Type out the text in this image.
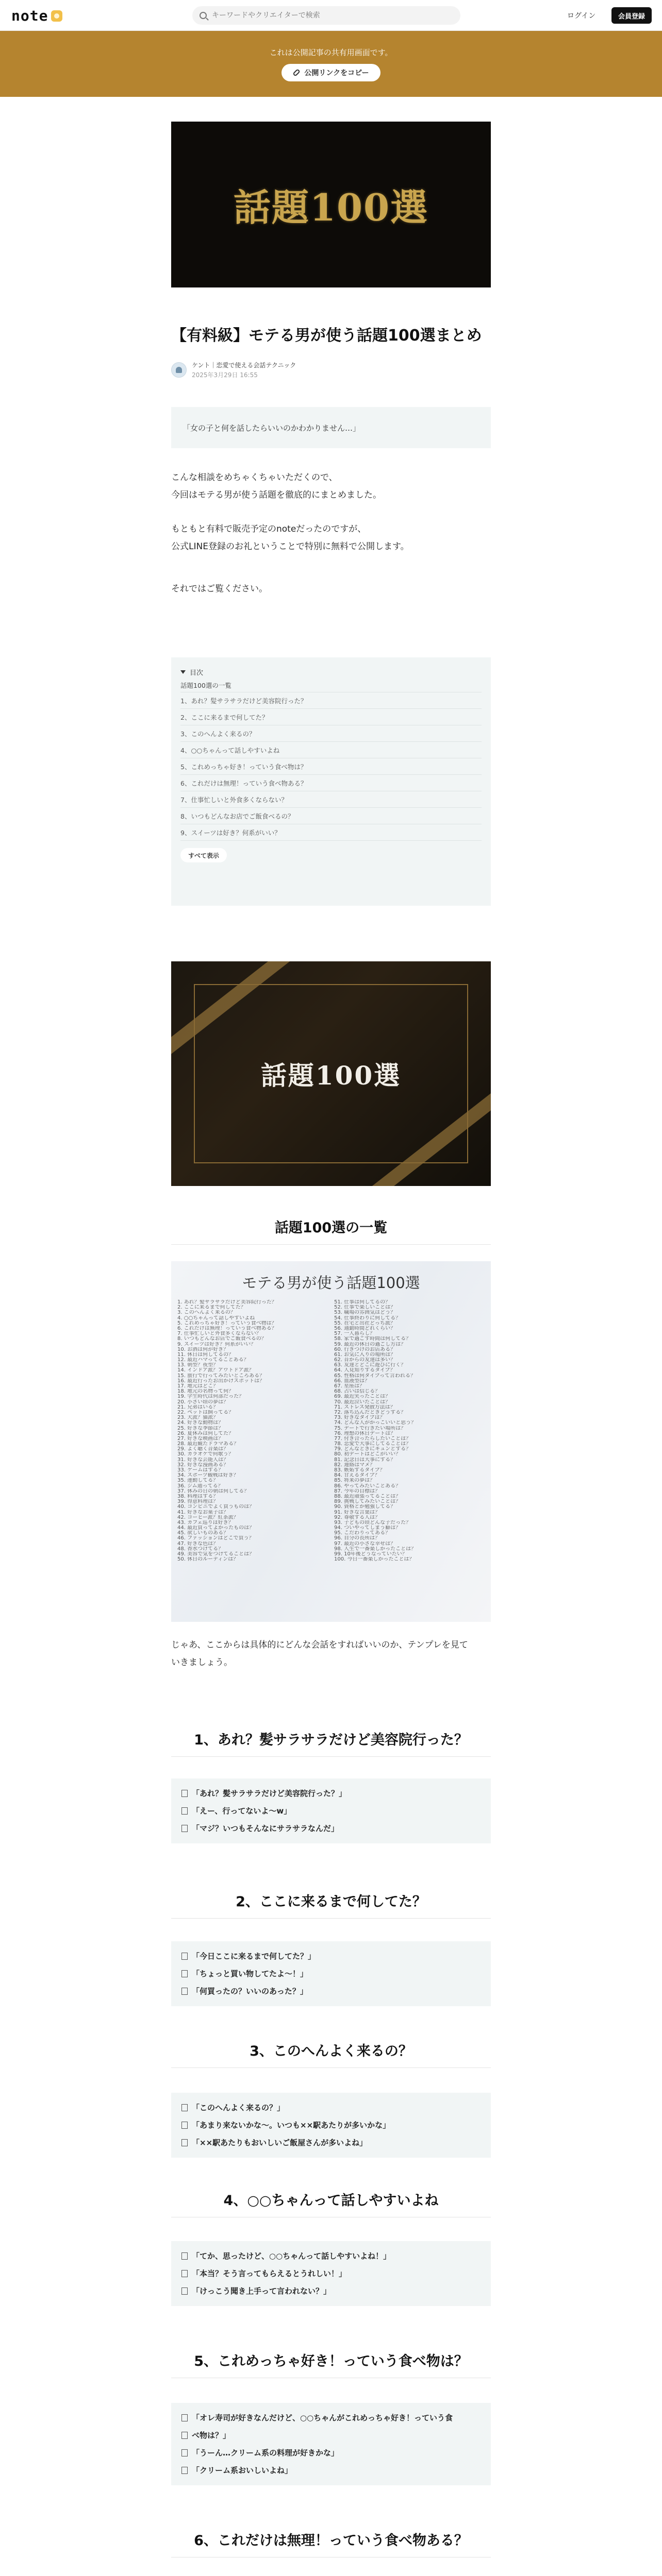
note
キーワードやクリエイターで検索	ログイン	会員登録
これは公開記事の共有用画面です。
公開リンクをコピー
話題100選
【有料級】モテる男が使う話題100選まとめ
ケント｜恋愛で使える会話テクニック
2025年3月29日 16:55
「女の子と何を話したらいいのかわかりません…」
こんな相談をめちゃくちゃいただくので、
今回はモテる男が使う話題を徹底的にまとめました。
もともと有料で販売予定のnoteだったのですが、
公式LINE登録のお礼ということで特別に無料で公開します。
それではご覧ください。
目次
話題100選の一覧
1、あれ？髪サラサラだけど美容院行った？
2、ここに来るまで何してた？
3、このへんよく来るの？
4、○○ちゃんって話しやすいよね
5、これめっちゃ好き！っていう食べ物は？
6、これだけは無理！っていう食べ物ある？
7、仕事忙しいと外食多くならない？
8、いつもどんなお店でご飯食べるの？
9、スイーツは好き？何系がいい？
すべて表示
話題100選
話題100選の一覧
モテる男が使う話題100選
1. あれ？髪サラサラだけど美容院行った？
2. ここに来るまで何してた？
3. このへんよく来るの？
4. ○○ちゃんって話しやすいよね
5. これめっちゃ好き！っていう食べ物は？
6. これだけは無理！っていう食べ物ある？
7. 仕事忙しいと外食多くならない？
8. いつもどんなお店でご飯食べるの？
9. スイーツは好き？何系がいい？
10. お酒は何が好き？
11. 休日は何してるの？
12. 最近ハマってることある？
13. 朝型？夜型？
14. インドア派？アウトドア派？
15. 旅行で行ってみたいところある？
16. 最近行ったお出かけスポットは？
17. 地元はどこ？
18. 地元の名物って何？
19. 学生時代は何部だった？
20. 小さい頃の夢は？
21. 兄弟はいる？
22. ペットは飼ってる？
23. 犬派？猫派？
24. 好きな動物は？
25. 好きな季節は？
26. 夏休みは何してた？
27. 好きな映画は？
28. 最近観たドラマある？
29. よく聴く音楽は？
30. カラオケで何歌う？
31. 好きな芸能人は？
32. 好きな漫画ある？
33. ゲームはする？
34. スポーツ観戦は好き？
35. 運動してる？
36. ジム通ってる？
37. 休みの日の朝は何してる？
38. 料理はする？
39. 得意料理は？
40. コンビニでよく買うものは？
41. 好きなお菓子は？
42. コーヒー派？紅茶派？
43. カフェ巡りは好き？
44. 最近買ってよかったものは？
45. 欲しいものある？
46. ファッションはどこで買う？
47. 好きな色は？
48. 香水つけてる？
49. 美容で気をつけてることは？
50. 休日のルーティンは？
51. 仕事は何してるの？
52. 仕事で楽しいことは？
53. 職場の雰囲気はどう？
54. 仕事終わりに何してる？
55. 在宅と出社どっち派？
56. 通勤時間どれくらい？
57. 一人暮らし？
58. 家で過ごす時間は何してる？
59. 最近の休日の過ごし方は？
60. 行きつけのお店ある？
61. お気に入りの場所は？
62. 昔からの友達は多い？
63. 友達とどこに遊びに行く？
64. 人見知りするタイプ？
65. 性格は何タイプって言われる？
66. 血液型は？
67. 星座は？
68. 占いは信じる？
69. 最近笑ったことは？
70. 最近泣いたことは？
71. ストレス発散方法は？
72. 落ち込んだときどうする？
73. 好きなタイプは？
74. どんな人がかっこいいと思う？
75. デートで行きたい場所は？
76. 理想の休日デートは？
77. 付き合ったらしたいことは？
78. 恋愛で大事にしてることは？
79. どんなときにキュンとする？
80. 初デートはどこがいい？
81. 記念日は大事にする？
82. 連絡はマメ？
83. 嫉妬するタイプ？
84. 甘えるタイプ？
85. 将来の夢は？
86. やってみたいことある？
87. 今年の目標は？
88. 最近頑張ってることは？
89. 挑戦してみたいことは？
90. 資格とか勉強してる？
91. 好きな言葉は？
92. 尊敬する人は？
93. 子どもの頃どんな子だった？
94. ついやってしまう癖は？
95. こだわりってある？
96. 自分の長所は？
97. 最近の小さな幸せは？
98. 人生で一番楽しかったことは？
99. 10年後どうなっていたい？
100. 今日一番楽しかったことは？
じゃあ、ここからは具体的にどんな会話をすればいいのか、テンプレを見て
いきましょう。
1、あれ？髪サラサラだけど美容院行った？
「あれ？髪サラサラだけど美容院行った？」
「えー、行ってないよ〜w」
「マジ？いつもそんなにサラサラなんだ」
2、ここに来るまで何してた？
「今日ここに来るまで何してた？」
「ちょっと買い物してたよ〜！」
「何買ったの？いいのあった？」
3、このへんよく来るの？
「このへんよく来るの？」
「あまり来ないかな〜。いつも××駅あたりが多いかな」
「××駅あたりもおいしいご飯屋さんが多いよね」
4、○○ちゃんって話しやすいよね
「てか、思ったけど、○○ちゃんって話しやすいよね！」
「本当？そう言ってもらえるとうれしい！」
「けっこう聞き上手って言われない？」
5、これめっちゃ好き！っていう食べ物は？
「オレ寿司が好きなんだけど、○○ちゃんがこれめっちゃ好き！っていう食
べ物は？」
「うーん…クリーム系の料理が好きかな」
「クリーム系おいしいよね」
6、これだけは無理！っていう食べ物ある？
